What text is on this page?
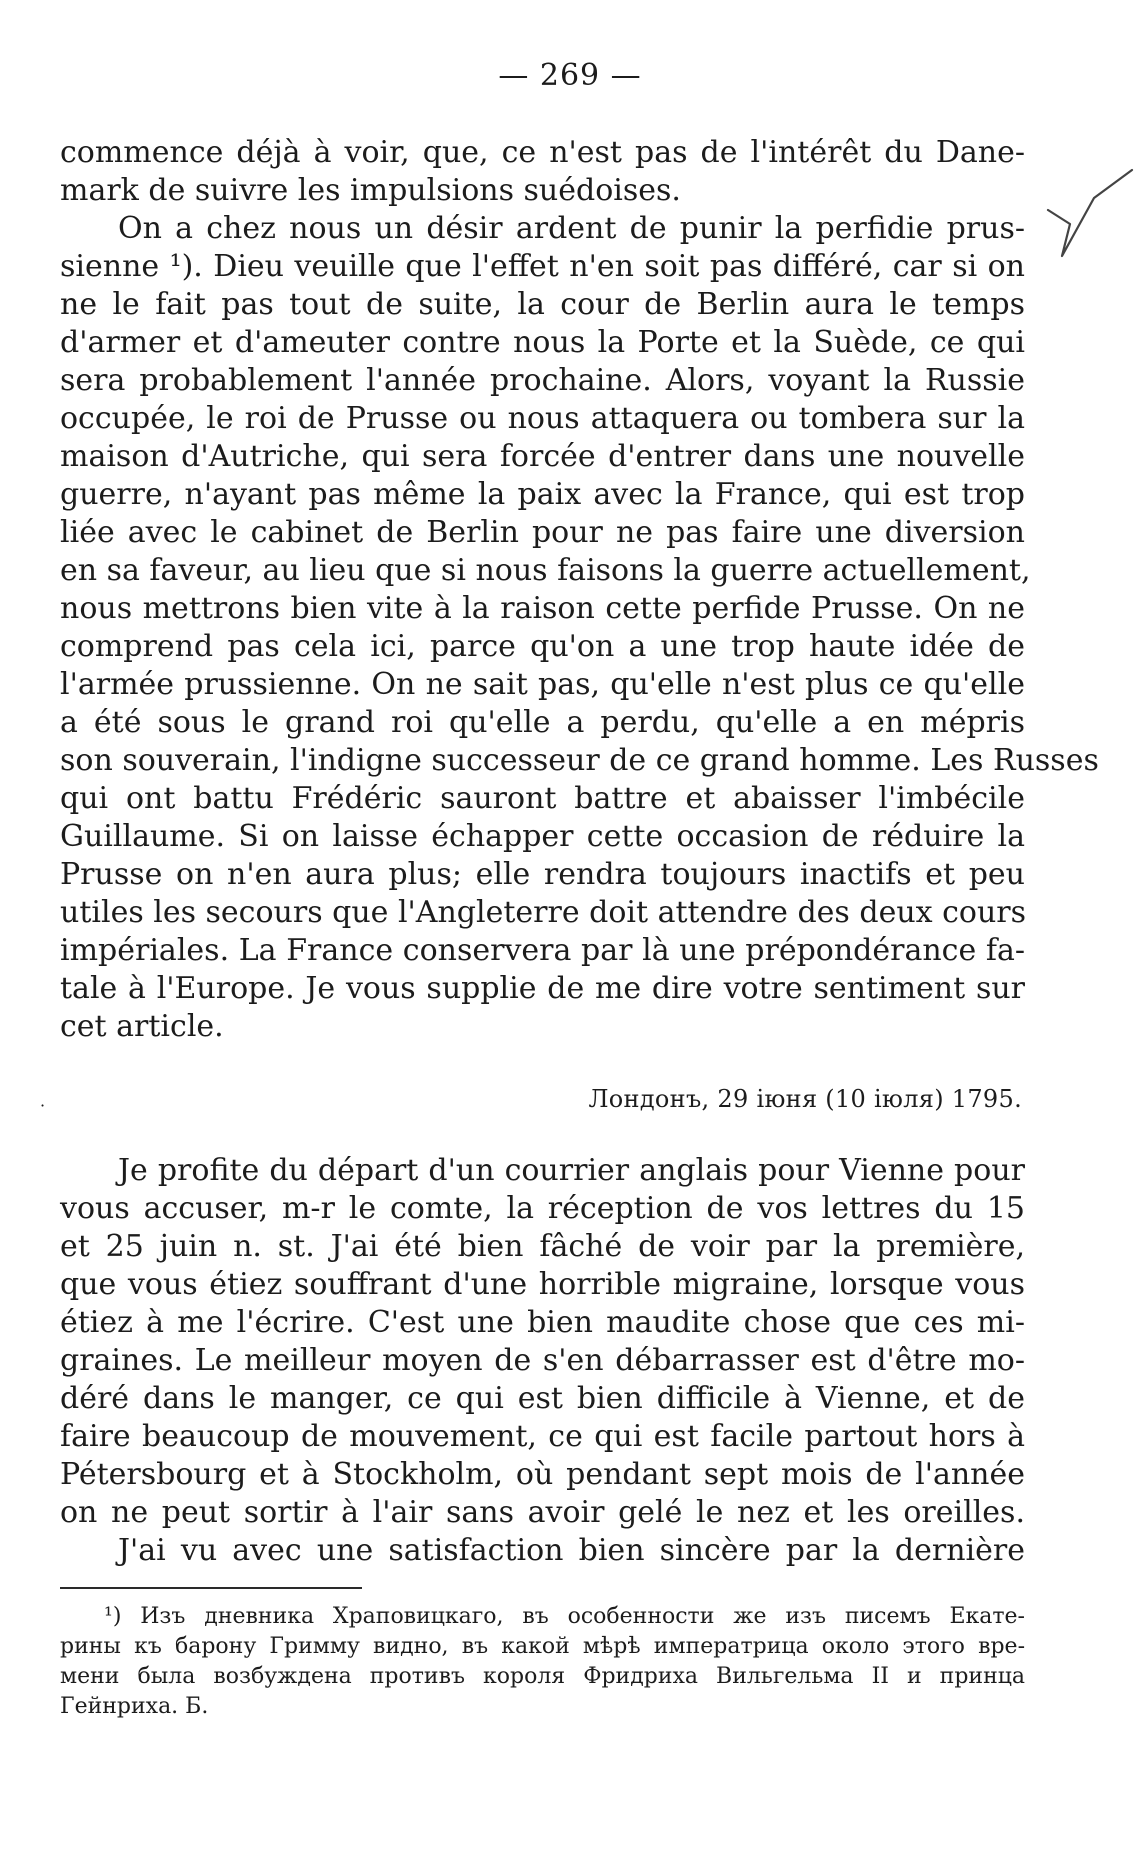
— 269 —
commence déjà à voir, que, ce n'est pas de l'intérêt du Dane-
mark de suivre les impulsions suédoises.
On a chez nous un désir ardent de punir la perfidie prus-
sienne ¹). Dieu veuille que l'effet n'en soit pas différé, car si on
ne le fait pas tout de suite, la cour de Berlin aura le temps
d'armer et d'ameuter contre nous la Porte et la Suède, ce qui
sera probablement l'année prochaine. Alors, voyant la Russie
occupée, le roi de Prusse ou nous attaquera ou tombera sur la
maison d'Autriche, qui sera forcée d'entrer dans une nouvelle
guerre, n'ayant pas même la paix avec la France, qui est trop
liée avec le cabinet de Berlin pour ne pas faire une diversion
en sa faveur, au lieu que si nous faisons la guerre actuellement,
nous mettrons bien vite à la raison cette perfide Prusse. On ne
comprend pas cela ici, parce qu'on a une trop haute idée de
l'armée prussienne. On ne sait pas, qu'elle n'est plus ce qu'elle
a été sous le grand roi qu'elle a perdu, qu'elle a en mépris
son souverain, l'indigne successeur de ce grand homme. Les Russes
qui ont battu Frédéric sauront battre et abaisser l'imbécile
Guillaume. Si on laisse échapper cette occasion de réduire la
Prusse on n'en aura plus; elle rendra toujours inactifs et peu
utiles les secours que l'Angleterre doit attendre des deux cours
impériales. La France conservera par là une prépondérance fa-
tale à l'Europe. Je vous supplie de me dire votre sentiment sur
cet article.
·	Лондонъ, 29 іюня (10 іюля) 1795.
Je profite du départ d'un courrier anglais pour Vienne pour
vous accuser, m-r le comte, la réception de vos lettres du 15
et 25 juin n. st. J'ai été bien fâché de voir par la première,
que vous étiez souffrant d'une horrible migraine, lorsque vous
étiez à me l'écrire. C'est une bien maudite chose que ces mi-
graines. Le meilleur moyen de s'en débarrasser est d'être mo-
déré dans le manger, ce qui est bien difficile à Vienne, et de
faire beaucoup de mouvement, ce qui est facile partout hors à
Pétersbourg et à Stockholm, où pendant sept mois de l'année
on ne peut sortir à l'air sans avoir gelé le nez et les oreilles.
J'ai vu avec une satisfaction bien sincère par la dernière
¹) Изъ дневника Храповицкаго, въ особенности же изъ писемъ Екате-
рины къ барону Гримму видно, въ какой мѣрѣ императрица около этого вре-
мени была возбуждена противъ короля Фридриха Вильгельма II и принца
Гейнриха. Б.
